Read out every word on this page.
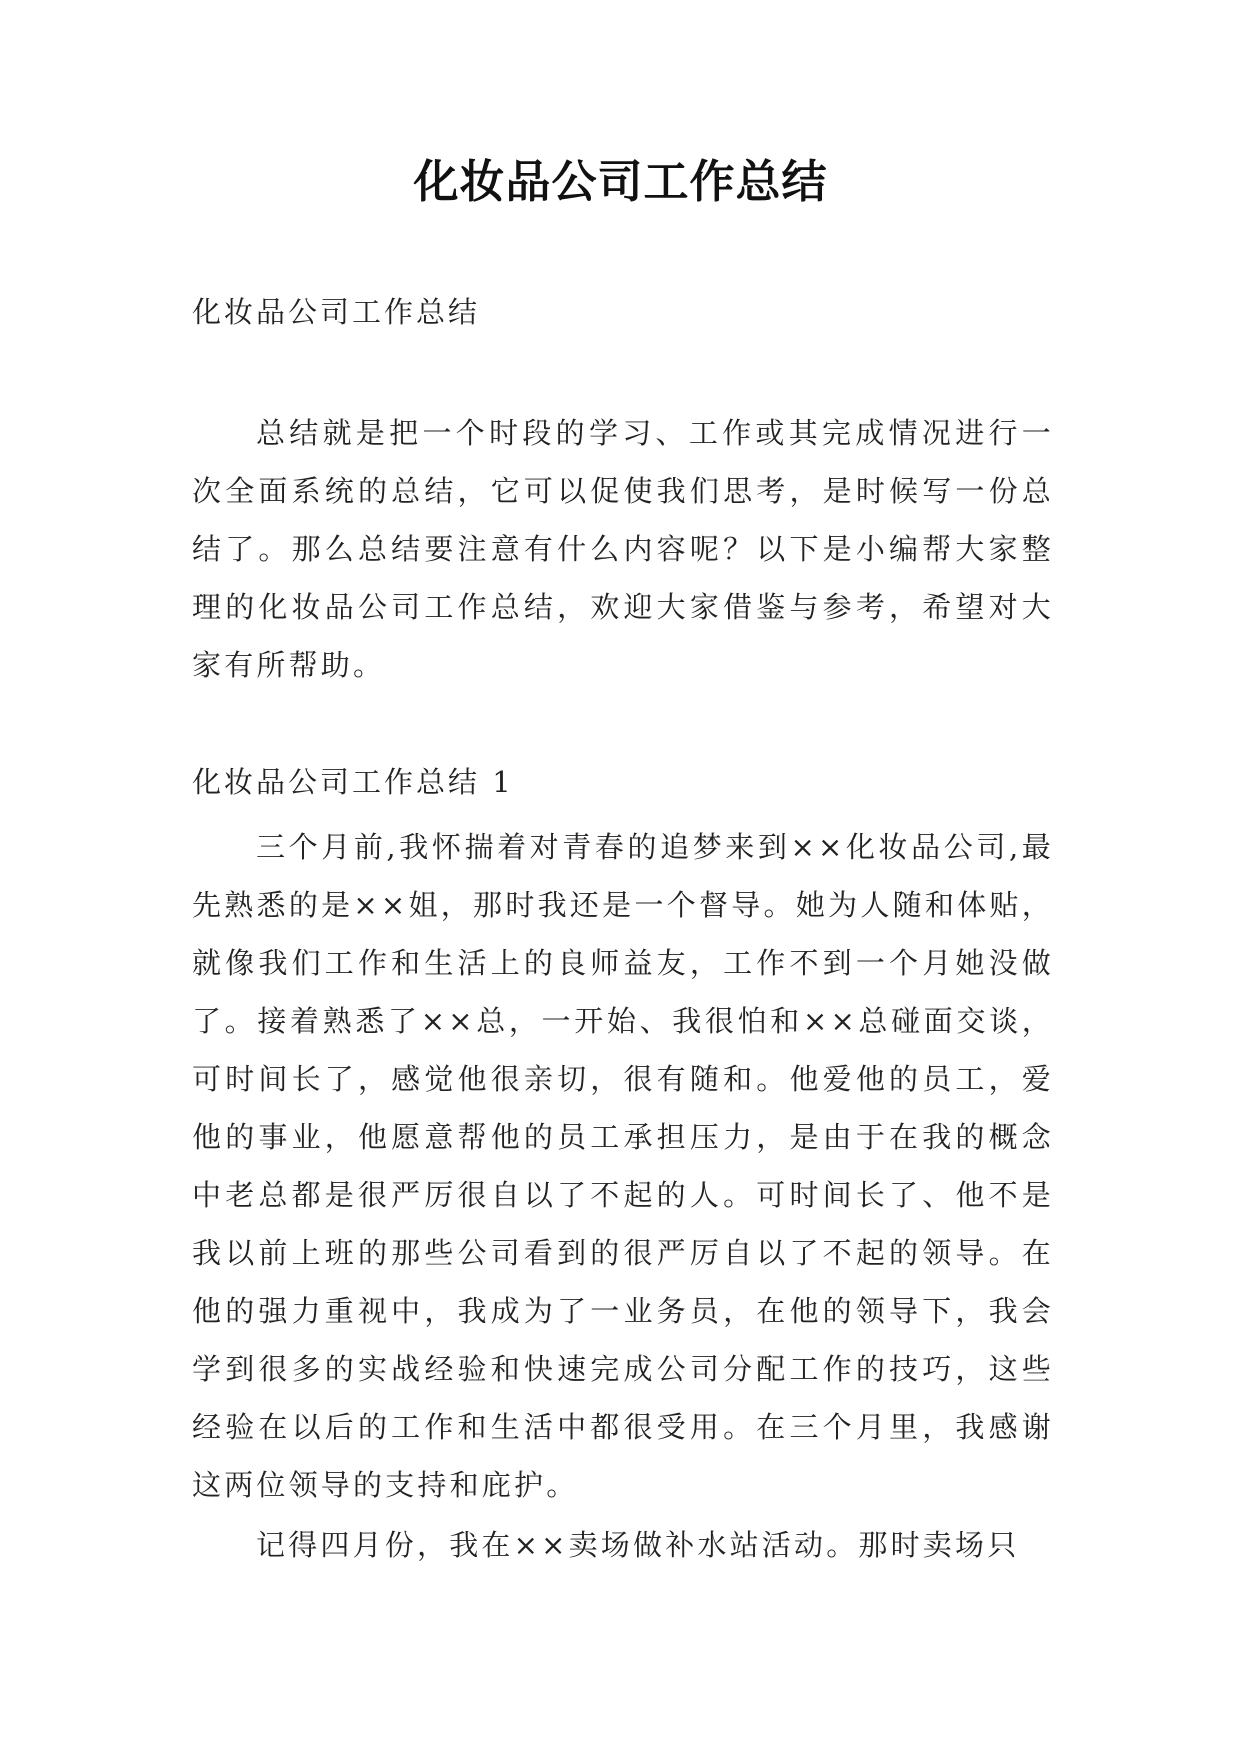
化妆品公司工作总结

化妆品公司工作总结

总结就是把一个时段的学习、工作或其完成情况进行一次全面系统的总结，它可以促使我们思考，是时候写一份总结了。那么总结要注意有什么内容呢？以下是小编帮大家整理的化妆品公司工作总结，欢迎大家借鉴与参考，希望对大家有所帮助。

化妆品公司工作总结 1

三个月前,我怀揣着对青春的追梦来到××化妆品公司,最先熟悉的是××姐，那时我还是一个督导。她为人随和体贴，就像我们工作和生活上的良师益友，工作不到一个月她没做了。接着熟悉了××总，一开始、我很怕和××总碰面交谈，可时间长了，感觉他很亲切，很有随和。他爱他的员工，爱他的事业，他愿意帮他的员工承担压力，是由于在我的概念中老总都是很严厉很自以了不起的人。可时间长了、他不是我以前上班的那些公司看到的很严厉自以了不起的领导。在他的强力重视中，我成为了一业务员，在他的领导下，我会学到很多的实战经验和快速完成公司分配工作的技巧，这些经验在以后的工作和生活中都很受用。在三个月里，我感谢这两位领导的支持和庇护。

记得四月份，我在××卖场做补水站活动。那时卖场只
